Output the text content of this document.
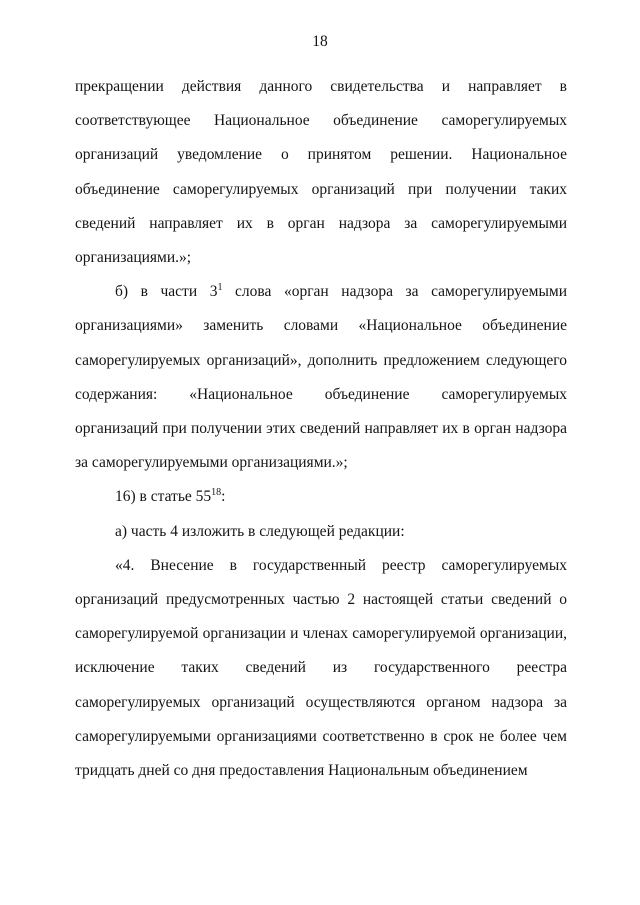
18

прекращении действия данного свидетельства и направляет в соответствующее Национальное объединение саморегулируемых организаций уведомление о принятом решении. Национальное объединение саморегулируемых организаций при получении таких сведений направляет их в орган надзора за саморегулируемыми организациями.»;

б) в части $3^1$ слова «орган надзора за саморегулируемыми организациями» заменить словами «Национальное объединение саморегулируемых организаций», дополнить предложением следующего содержания: «Национальное объединение саморегулируемых организаций при получении этих сведений направляет их в орган надзора за саморегулируемыми организациями.»;

16) в статье $55^{18}$:

а) часть 4 изложить в следующей редакции:

«4. Внесение в государственный реестр саморегулируемых организаций предусмотренных частью 2 настоящей статьи сведений о саморегулируемой организации и членах саморегулируемой организации, исключение таких сведений из государственного реестра саморегулируемых организаций осуществляются органом надзора за саморегулируемыми организациями соответственно в срок не более чем тридцать дней со дня предоставления Национальным объединением
